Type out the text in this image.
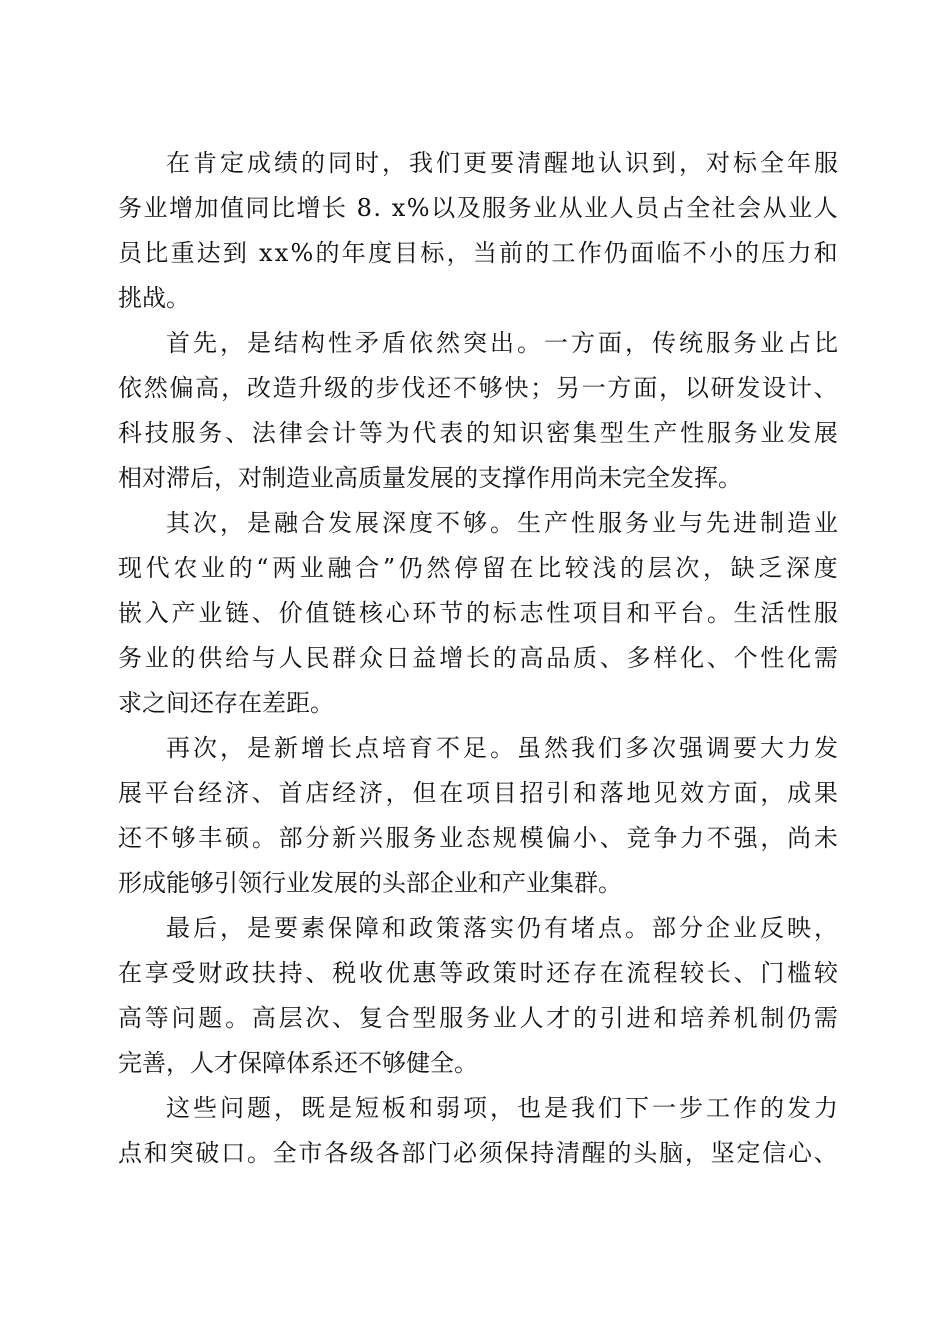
在 肯 定 成 绩 的 同 时 ， 我 们 更 要 清 醒 地 认 识 到 ， 对 标 全 年 服
务 业 增 加 值 同 比 增 长
8 .
x % 以 及 服 务 业 从 业 人 员 占 全 社 会 从 业 人
员 比 重 达 到
x x % 的 年 度 目 标 ， 当 前 的 工 作 仍 面 临 不 小 的 压 力 和
挑战。
首 先 ， 是 结 构 性 矛 盾 依 然 突 出 。 一 方 面 ， 传 统 服 务 业 占 比
依 然 偏 高 ， 改 造 升 级 的 步 伐 还 不 够 快 ； 另 一 方 面 ， 以 研 发 设 计 、
科 技 服 务 、 法 律 会 计 等 为 代 表 的 知 识 密 集 型 生 产 性 服 务 业 发 展
相对滞后，对制造业高质量发展的支撑作用尚未完全发挥。
其 次 ， 是 融 合 发 展 深 度 不 够 。 生 产 性 服 务 业 与 先 进 制 造 业
现 代 农 业 的 “ 两 业 融 合 ” 仍 然 停 留 在 比 较 浅 的 层 次 ， 缺 乏 深 度
嵌 入 产 业 链 、 价 值 链 核 心 环 节 的 标 志 性 项 目 和 平 台 。 生 活 性 服
务 业 的 供 给 与 人 民 群 众 日 益 增 长 的 高 品 质 、 多 样 化 、 个 性 化 需
求之间还存在差距。
再 次 ， 是 新 增 长 点 培 育 不 足 。 虽 然 我 们 多 次 强 调 要 大 力 发
展 平 台 经 济 、 首 店 经 济 ， 但 在 项 目 招 引 和 落 地 见 效 方 面 ， 成 果
还 不 够 丰 硕 。 部 分 新 兴 服 务 业 态 规 模 偏 小 、 竞 争 力 不 强 ， 尚 未
形成能够引领行业发展的头部企业和产业集群。
最 后 ， 是 要 素 保 障 和 政 策 落 实 仍 有 堵 点 。 部 分 企 业 反 映 ，
在 享 受 财 政 扶 持 、 税 收 优 惠 等 政 策 时 还 存 在 流 程 较 长 、 门 槛 较
高 等 问 题 。 高 层 次 、 复 合 型 服 务 业 人 才 的 引 进 和 培 养 机 制 仍 需
完善，人才保障体系还不够健全。
这 些 问 题 ， 既 是 短 板 和 弱 项 ， 也 是 我 们 下 一 步 工 作 的 发 力
点 和 突 破 口 。 全 市 各 级 各 部 门 必 须 保 持 清 醒 的 头 脑 ， 坚 定 信 心 、
